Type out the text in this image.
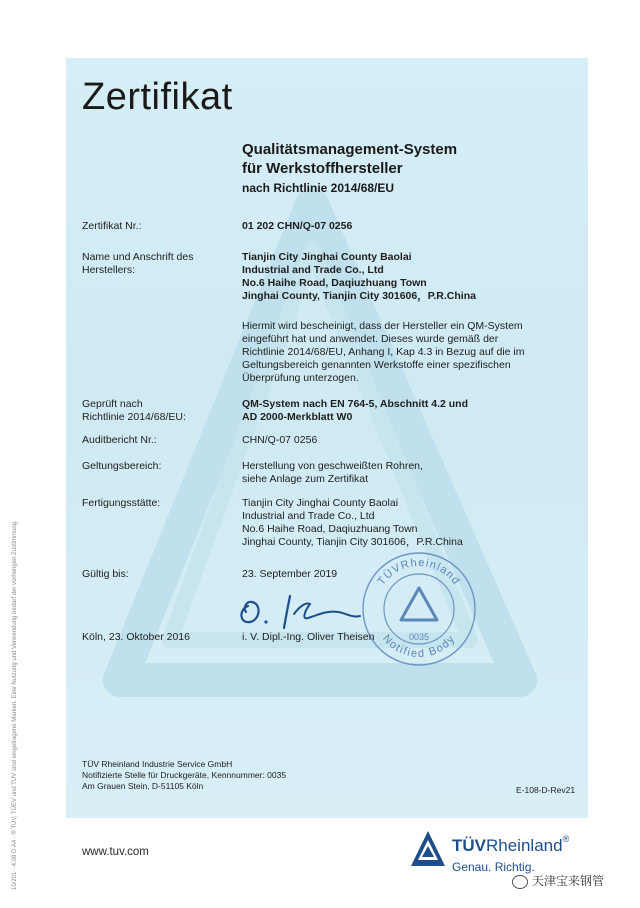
Zertifikat
Qualitätsmanagement-System
für Werkstoffhersteller
nach Richtlinie 2014/68/EU
Zertifikat Nr.:	01 202 CHN/Q-07 0256
Name und Anschrift des
Herstellers:
Tianjin City Jinghai County Baolai
Industrial and Trade Co., Ltd
No.6 Haihe Road, Daqiuzhuang Town
Jinghai County, Tianjin City 301606，P.R.China
Hiermit wird bescheinigt, dass der Hersteller ein QM-System
eingeführt hat und anwendet. Dieses wurde gemäß der
Richtlinie 2014/68/EU, Anhang I, Kap 4.3 in Bezug auf die im
Geltungsbereich genannten Werkstoffe einer spezifischen
Überprüfung unterzogen.
Geprüft nach
Richtlinie 2014/68/EU:
QM-System nach EN 764-5, Abschnitt 4.2 und
AD 2000-Merkblatt W0
Auditbericht Nr.:	CHN/Q-07 0256
Geltungsbereich:	Herstellung von geschweißten Rohren,
siehe Anlage zum Zertifikat
Fertigungsstätte:	Tianjin City Jinghai County Baolai
Industrial and Trade Co., Ltd
No.6 Haihe Road, Daqiuzhuang Town
Jinghai County, Tianjin City 301606，P.R.China
Gültig bis:	23. September 2019	TÜVRheinland
Notified Body
0035
Köln, 23. Oktober 2016	i. V. Dipl.-Ing. Oliver Theisen
TÜV Rheinland Industrie Service GmbH
Notifizierte Stelle für Druckgeräte, Kennnummer: 0035
Am Grauen Stein, D-51105 Köln	E-108-D-Rev21
www.tuv.com	TÜVRheinland®
Genau. Richtig.
10/201 · 4.08 D A4 · ® TÜV, TÜEV und TUV sind eingetragene Marken. Eine Nutzung und Verwendung bedarf der vorherigen Zustimmung.	天津宝来钢管
